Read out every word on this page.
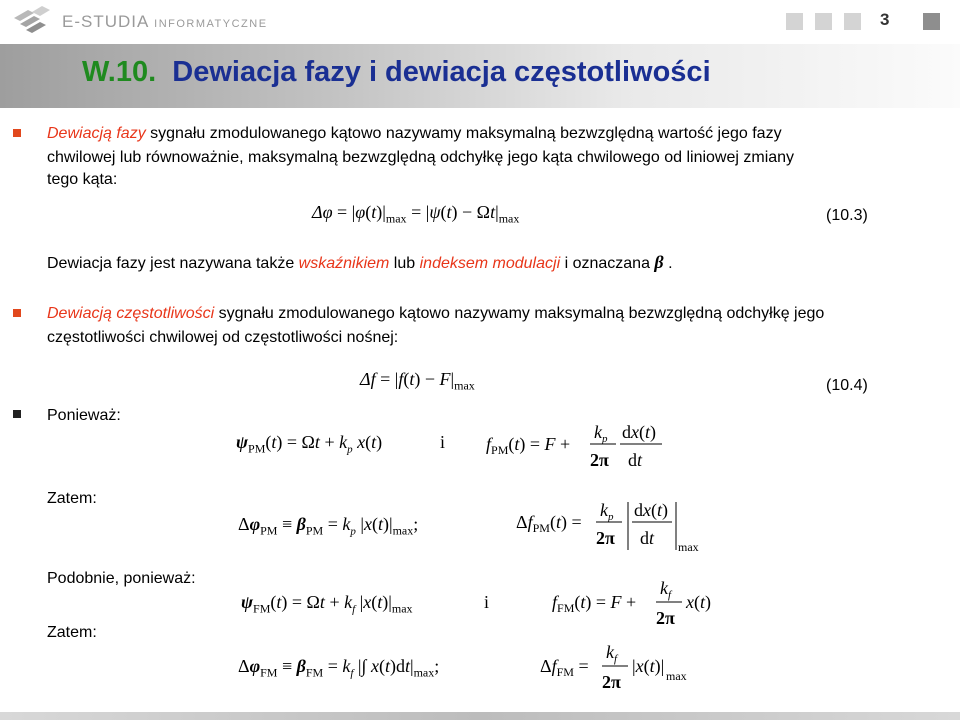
E-STUDIA INFORMATYCZNE	3
W.10. Dewiacja fazy i dewiacja częstotliwości
Dewiacją fazy sygnału zmodulowanego kątowo nazywamy maksymalną bezwzględną wartość jego fazy
chwilowej lub równoważnie, maksymalną bezwzględną odchyłkę jego kąta chwilowego od liniowej zmiany
tego kąta:
$\Delta\varphi = |\varphi(t)|_{max} = |\psi(t) - \Omega t|_{max}$	(10.3)
Dewiacja fazy jest nazywana także wskaźnikiem lub indeksem modulacji i oznaczana β .
Dewiacją częstotliwości sygnału zmodulowanego kątowo nazywamy maksymalną bezwzględną odchyłkę jego
częstotliwości chwilowej od częstotliwości nośnej:
$\Delta f = |f(t) - F|_{max}$	(10.4)
Ponieważ:
$\psi_{PM}(t) = \Omega t + k_p$ x(t)	i $f_{PM}(t) = F$ +
$k_p$
2π
dx(t)
dt
Zatem:
$\Delta\varphi_{PM} \equiv \beta_{PM} = k_p$ $|x(t)|_{max}$;	$\Delta f_{PM}(t)$ =
$k_p$
2π
dx(t)
dt max
Podobnie, ponieważ:
$\psi_{FM}(t) = \Omega t + k_f$ $|x(t)|_{max}$	i	$f_{FM}(t) = F$ +
$k_f$
2π
x(t)
Zatem:
$\Delta\varphi_{FM} \equiv \beta_{FM} = k_f$ |∫ $x(t)dt|_{max}$;	$\Delta f_{FM}$ =
$k_f$
2π
|x(t)| max
